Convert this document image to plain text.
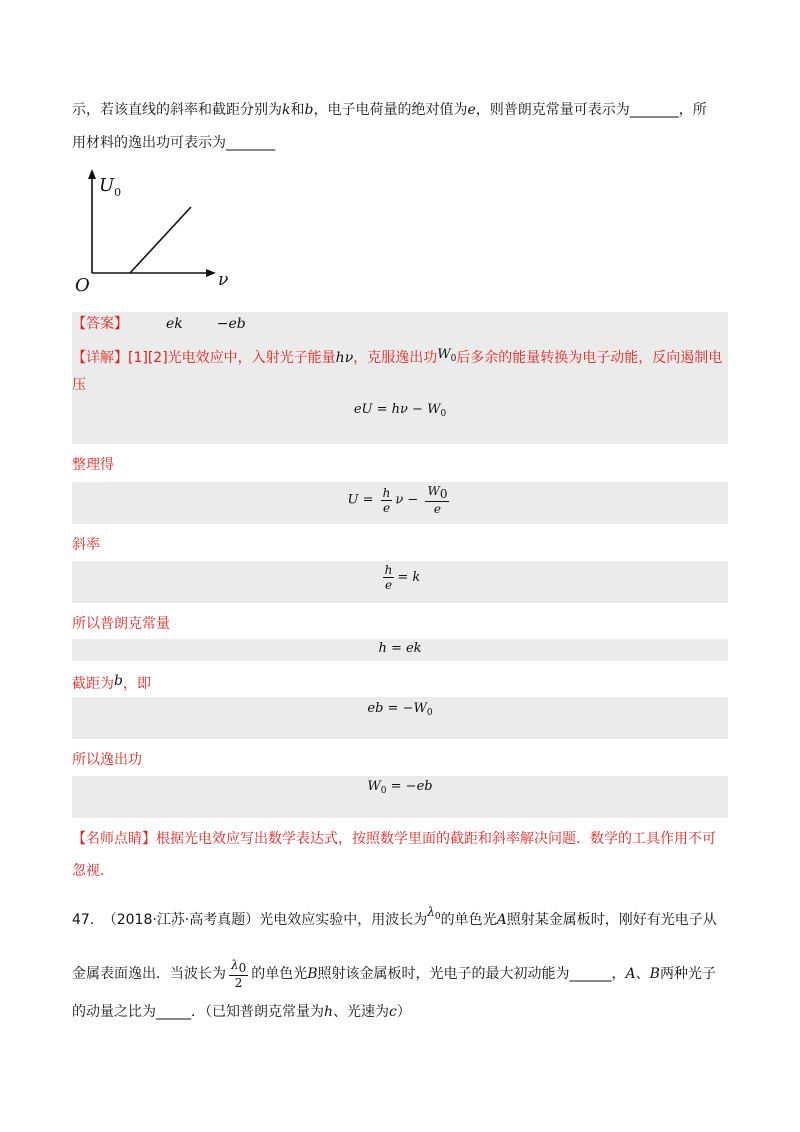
示，若该直线的斜率和截距分别为k和b，电子电荷量的绝对值为e，则普朗克常量可表示为_______，所
用材料的逸出功可表示为_______
$U_0$
ν
O
【答案】	ek −eb
【详解】[1][2]光电效应中，入射光子能量hν，克服逸出功$W_0$后多余的能量转换为电子动能，反向遏制电
压
eU = $h\nu - W_0$
整理得
$U = \frac{h}{e}$ $\nu - \frac{W0}{e}$
斜率
$\frac{h}{e} = k$
所以普朗克常量
h = ek
截距为b，即
eb = $-W_0$
所以逸出功
$W_0 = -eb$
【名师点睛】根据光电效应写出数学表达式，按照数学里面的截距和斜率解决问题．数学的工具作用不可
忽视.
47. （2018·江苏·高考真题）光电效应实验中，用波长为$\lambda_0$的单色光A照射某金属板时，刚好有光电子从
金属表面逸出．当波长为 $\frac{\lambda 0}{2}$ 的单色光B照射该金属板时，光电子的最大初动能为______，A、B两种光子
的动量之比为_____．（已知普朗克常量为h、光速为c）
